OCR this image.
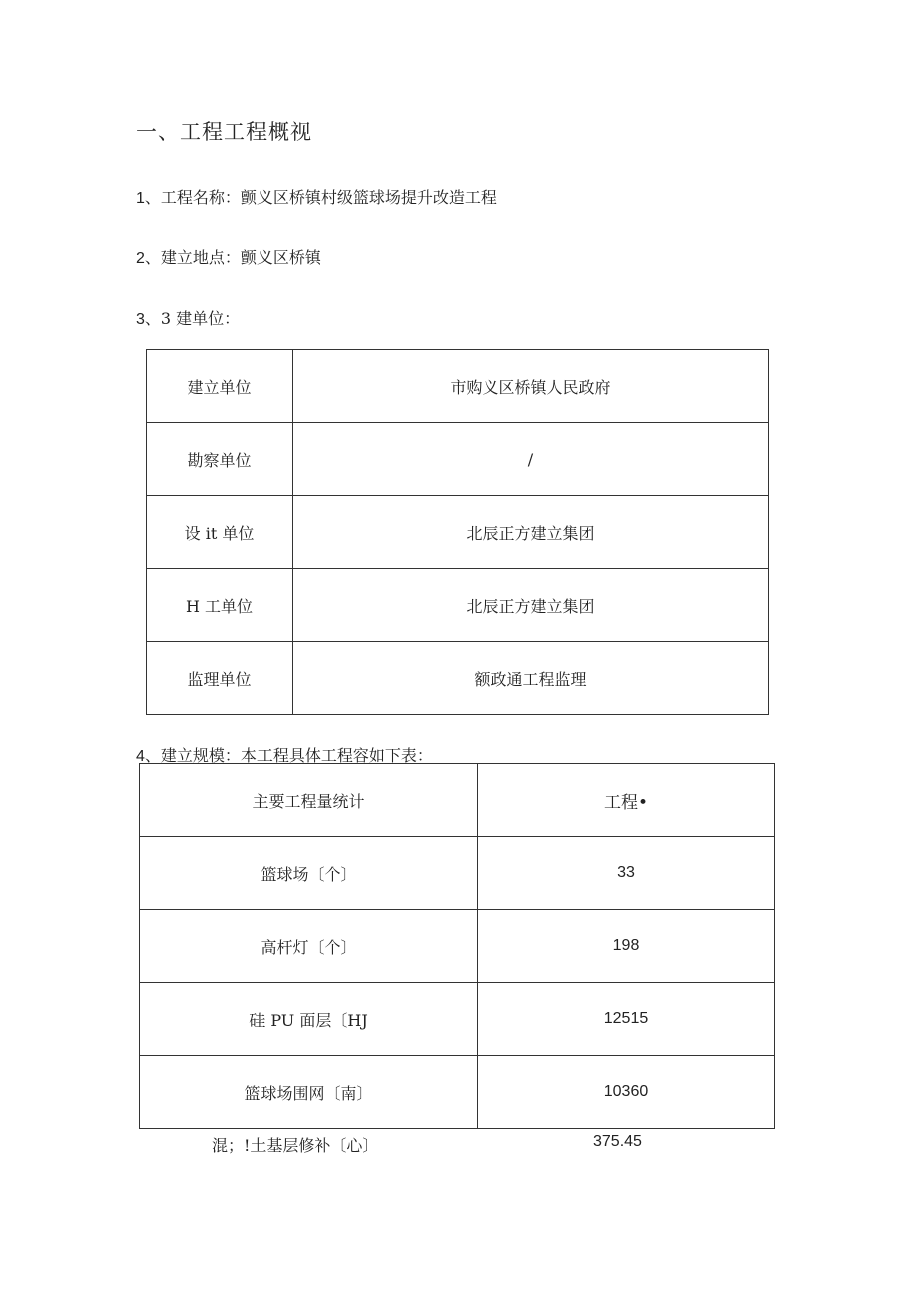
一、工程工程概视
1、工程名称：颤义区桥镇村级篮球场提升改造工程
2、建立地点：颤义区桥镇
3、3 建单位：
建立单位	市购义区桥镇人民政府
勘察单位	/
设 it 单位	北辰正方建立集团
H 工单位	北辰正方建立集团
监理单位	额政通工程监理
4、建立规模：本工程具体工程容如下表：
主要工程量统计	工程•
篮球场〔个〕	33
高杆灯〔个〕	198
硅 PU 面层〔HJ	12515
篮球场围网〔南〕	10360
混；!土基层修补〔心〕	375.45
